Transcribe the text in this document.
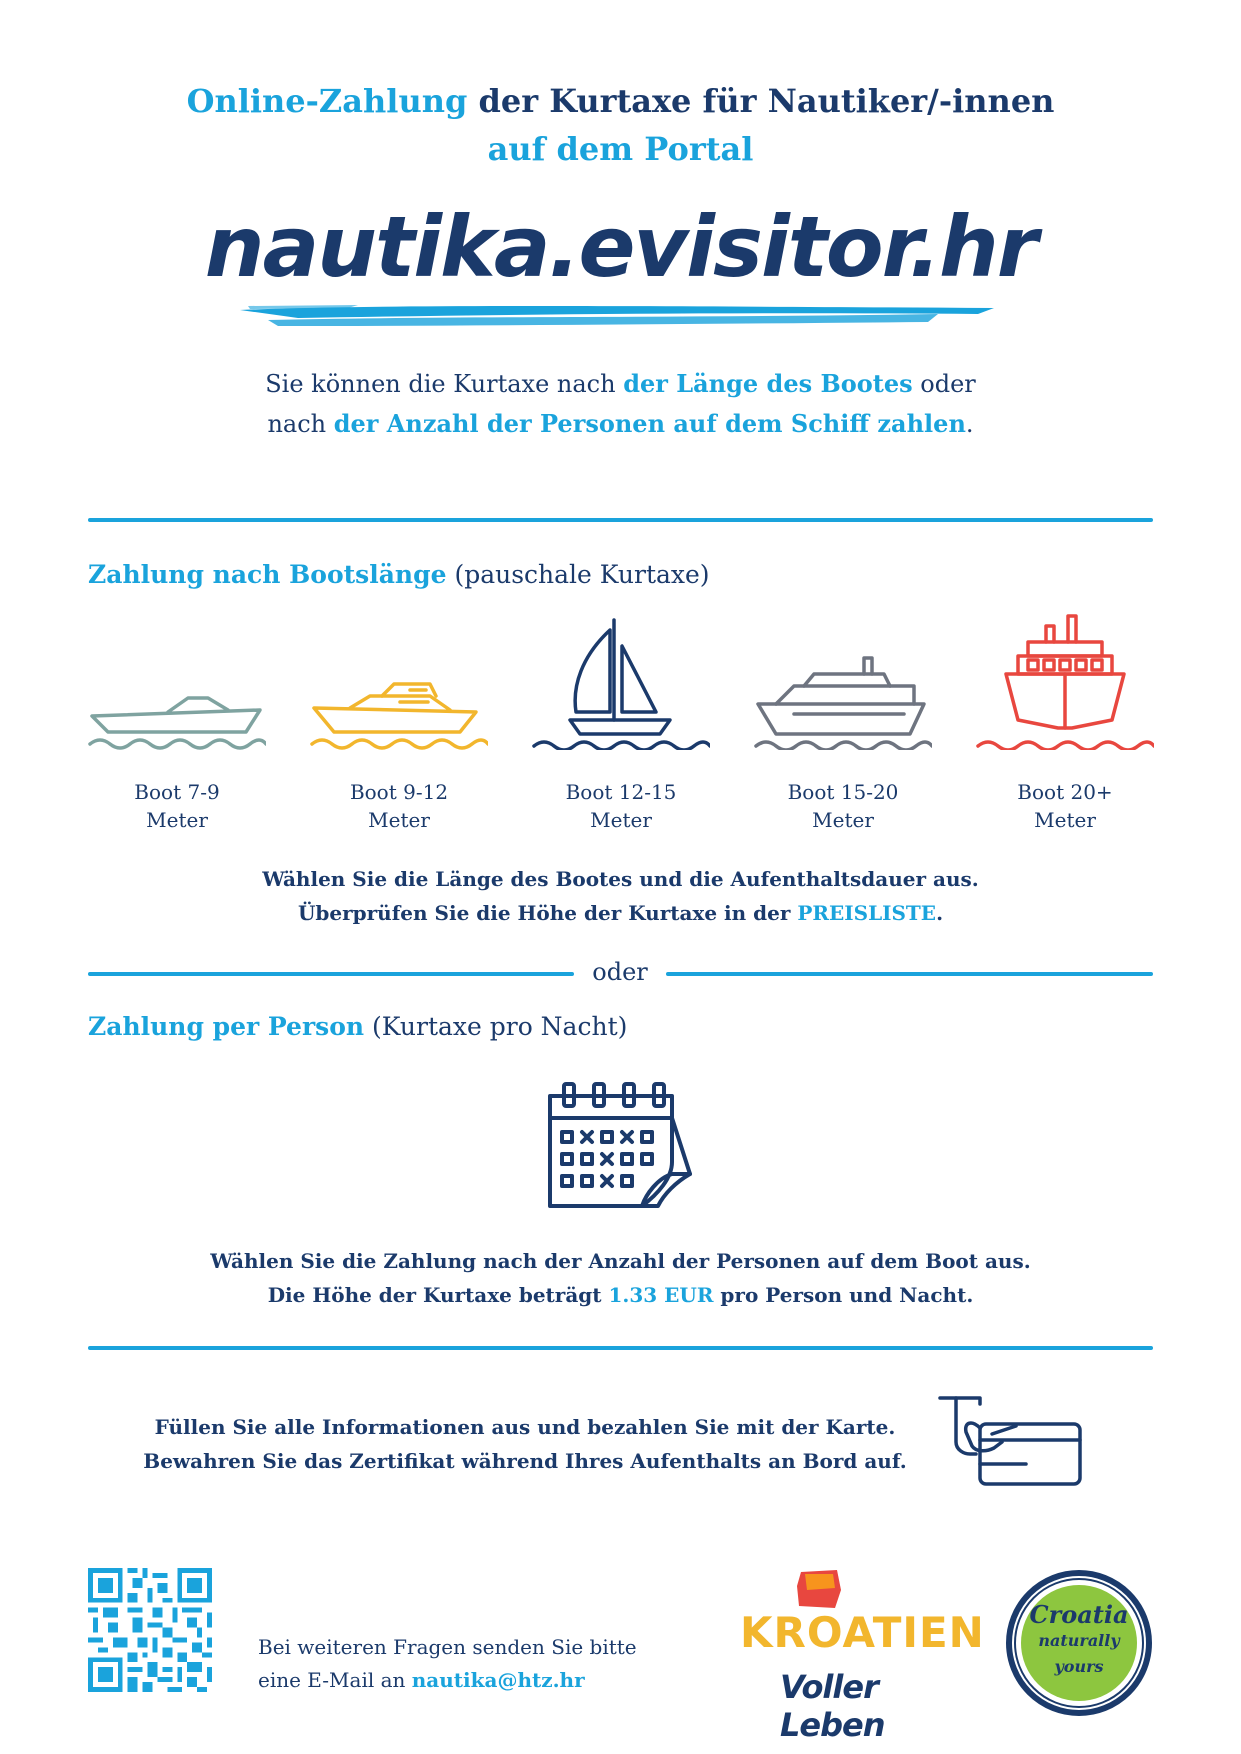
Online-Zahlung der Kurtaxe für Nautiker/-innen
auf dem Portal
nautika.evisitor.hr
Sie können die Kurtaxe nach der Länge des Bootes oder
nach der Anzahl der Personen auf dem Schiff zahlen.
Zahlung nach Bootslänge (pauschale Kurtaxe)
Boot 7-9
Meter
Boot 9-12
Meter
Boot 12-15
Meter
Boot 15-20
Meter
Boot 20+
Meter
Wählen Sie die Länge des Bootes und die Aufenthaltsdauer aus.
Überprüfen Sie die Höhe der Kurtaxe in der PREISLISTE.
oder
Zahlung per Person (Kurtaxe pro Nacht)
Wählen Sie die Zahlung nach der Anzahl der Personen auf dem Boot aus.
Die Höhe der Kurtaxe beträgt 1.33 EUR pro Person und Nacht.
Füllen Sie alle Informationen aus und bezahlen Sie mit der Karte.
Bewahren Sie das Zertifikat während Ihres Aufenthalts an Bord auf.
Bei weiteren Fragen senden Sie bitte
eine E-Mail an nautika@htz.hr
KROATIEN
Voller Leben
Croatia
naturally
yours
